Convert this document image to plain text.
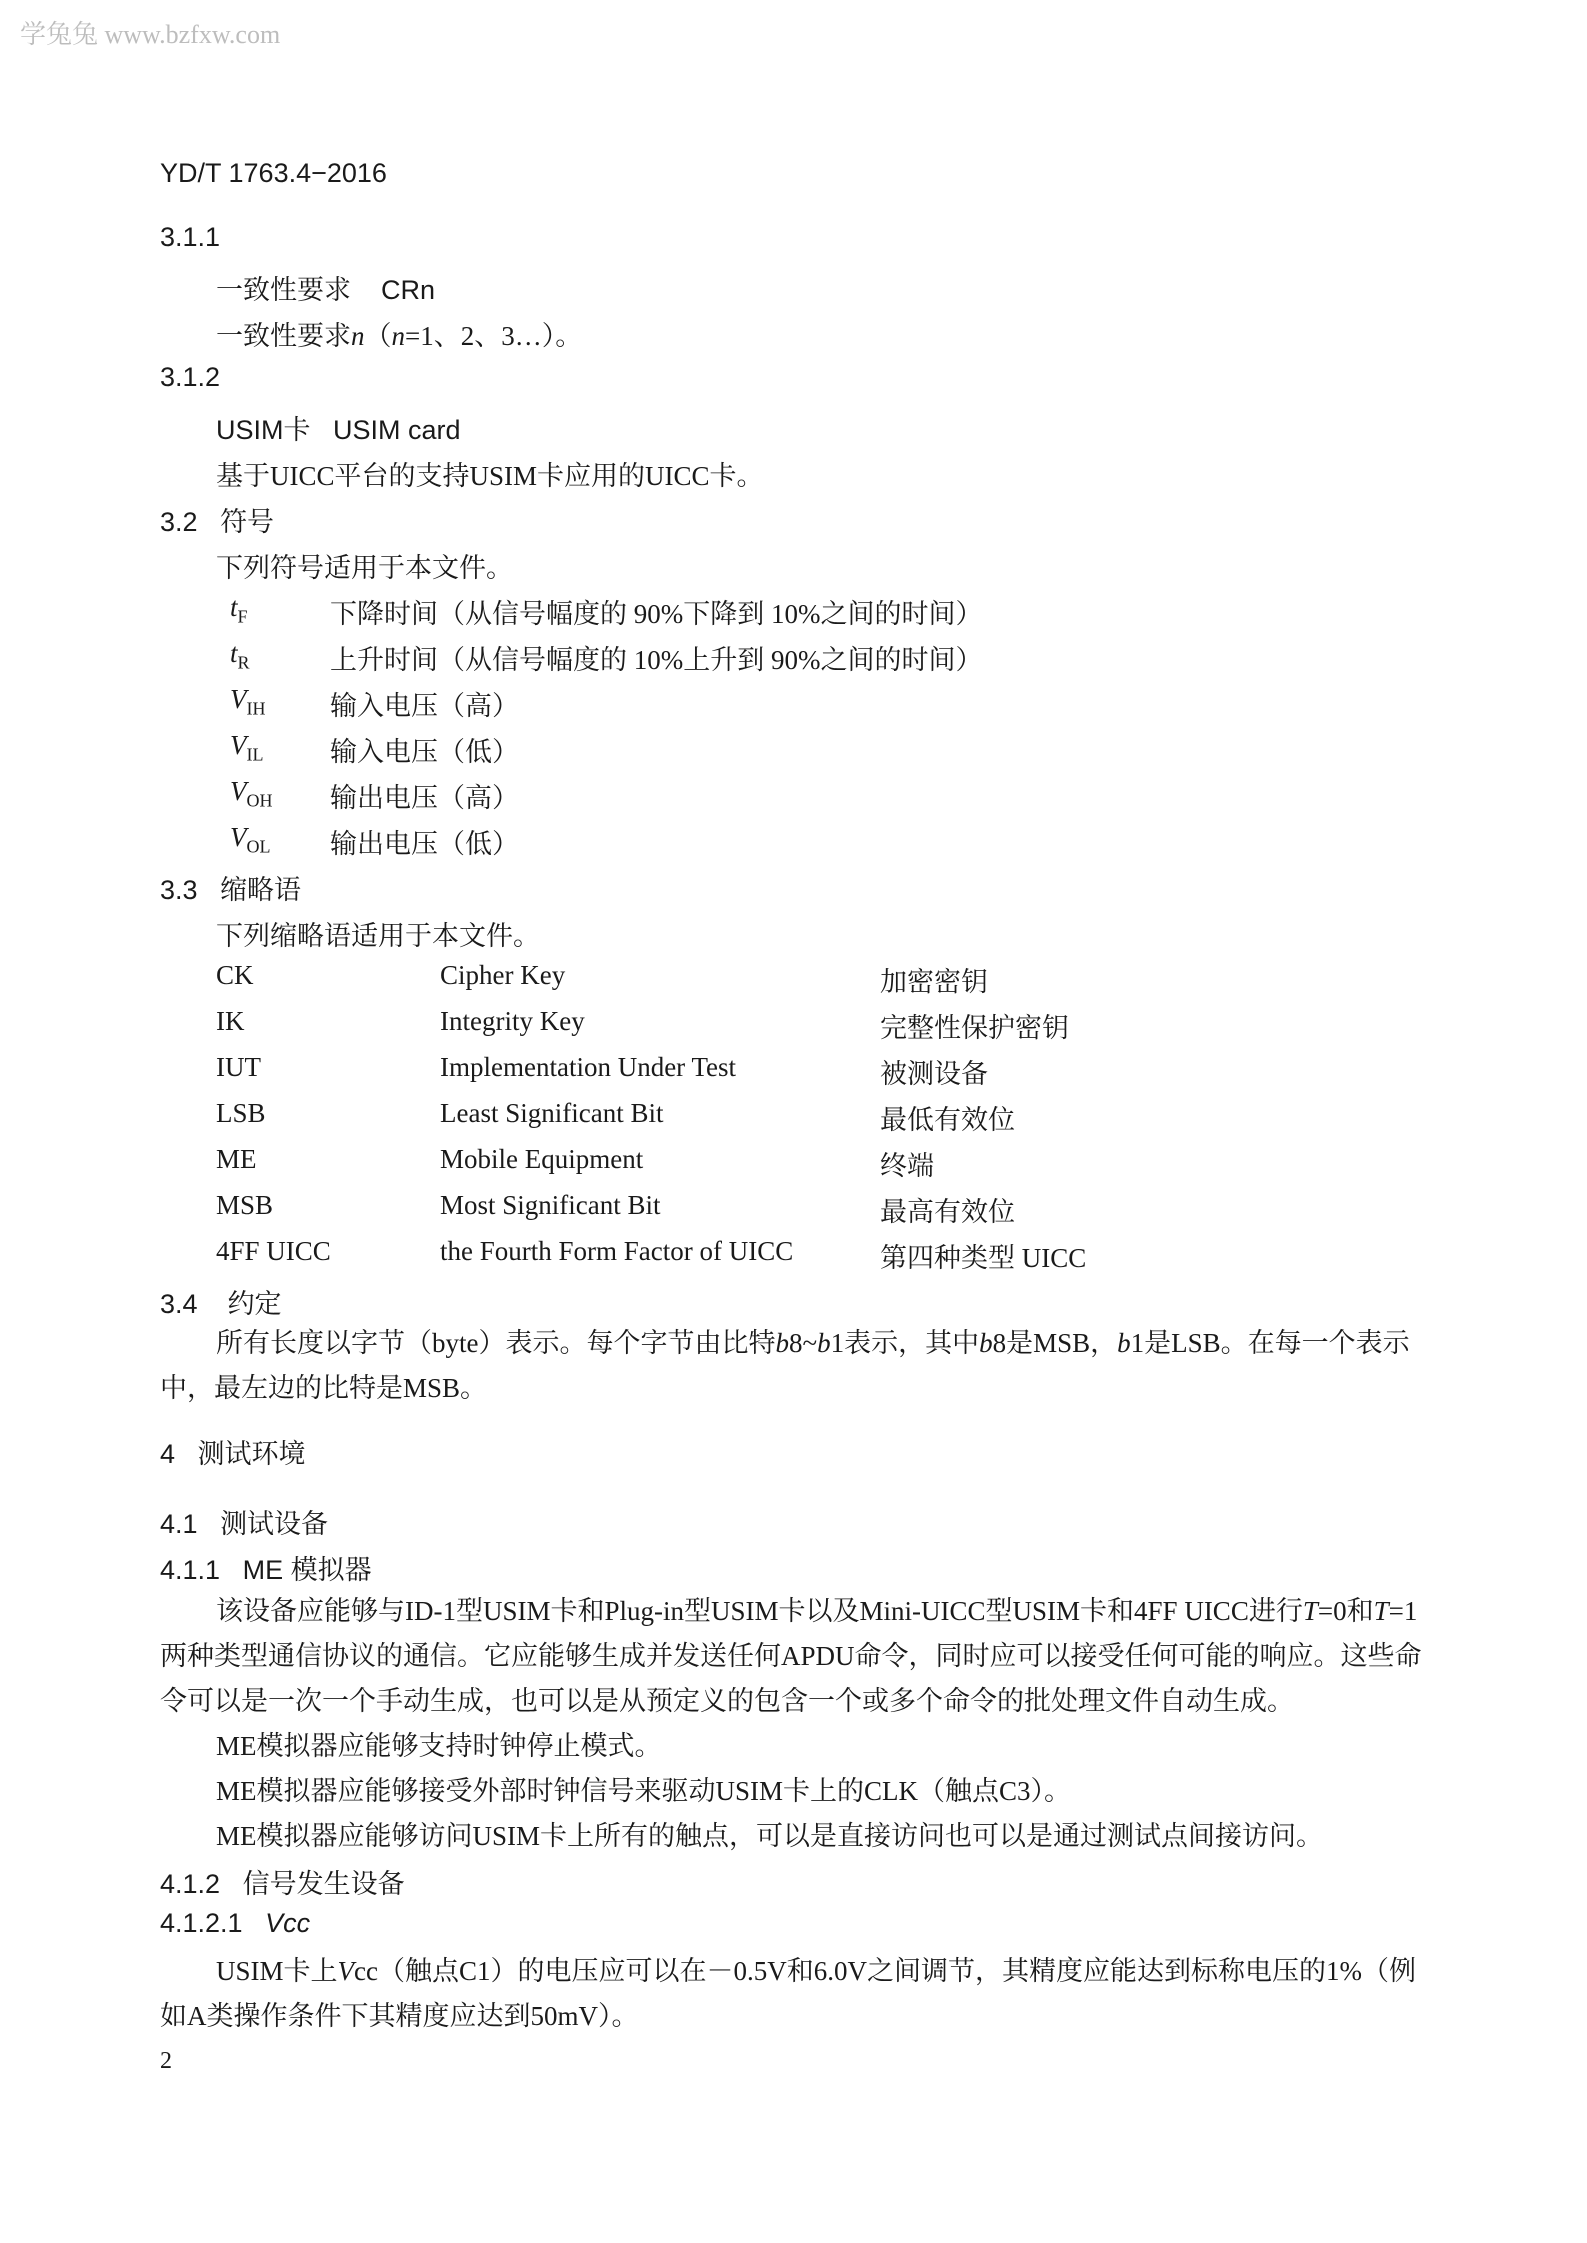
学兔兔 www.bzfxw.com
YD/T 1763.4−2016
3.1.1
一致性要求 CRn
一致性要求n（n=1、2、3…）。
3.1.2
USIM卡 USIM card
基于UICC平台的支持USIM卡应用的UICC卡。
3.2 符号
下列符号适用于本文件。
$t_F$	下降时间（从信号幅度的 90%下降到 10%之间的时间）
$t_R$	上升时间（从信号幅度的 10%上升到 90%之间的时间）
$V_{IH}$ 输入电压（高）
$V_{IL}$ 输入电压（低）
$V_{OH}$ 输出电压（高）
$V_{OL}$ 输出电压（低）
3.3 缩略语
下列缩略语适用于本文件。
CK	Cipher Key	加密密钥
IK	Integrity Key	完整性保护密钥
IUT	Implementation Under Test	被测设备
LSB	Least Significant Bit	最低有效位
ME	Mobile Equipment	终端
MSB	Most Significant Bit	最高有效位
4FF UICC	the Fourth Form Factor of UICC	第四种类型 UICC
3.4 约定
所有长度以字节（byte）表示。每个字节由比特b8~b1表示，其中b8是MSB，b1是LSB。在每一个表示中，最左边的比特是MSB。
4 测试环境
4.1 测试设备
4.1.1 ME 模拟器
该设备应能够与ID-1型USIM卡和Plug-in型USIM卡以及Mini-UICC型USIM卡和4FF UICC进行T=0和T=1两种类型通信协议的通信。它应能够生成并发送任何APDU命令，同时应可以接受任何可能的响应。这些命令可以是一次一个手动生成，也可以是从预定义的包含一个或多个命令的批处理文件自动生成。
ME模拟器应能够支持时钟停止模式。
ME模拟器应能够接受外部时钟信号来驱动USIM卡上的CLK（触点C3）。
ME模拟器应能够访问USIM卡上所有的触点，可以是直接访问也可以是通过测试点间接访问。
4.1.2 信号发生设备
4.1.2.1 Vcc
USIM卡上Vcc（触点C1）的电压应可以在－0.5V和6.0V之间调节，其精度应能达到标称电压的1%（例如A类操作条件下其精度应达到50mV）。
2
